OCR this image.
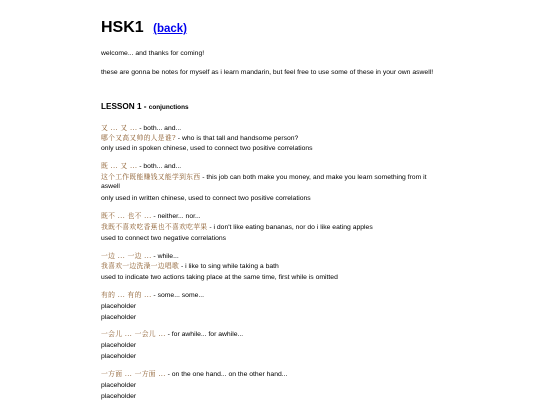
HSK1 (back)
welcome... and thanks for coming!
these are gonna be notes for myself as i learn mandarin, but feel free to use some of these in your own aswell!
LESSON 1 - conjunctions
又 ... 又 ... - both... and...
哪个又高又帅的人是谁? - who is that tall and handsome person?
only used in spoken chinese, used to connect two positive correlations
既 ... 又 ... - both... and...
这个工作既能赚钱又能学到东西 - this job can both make you money, and make you learn something from it aswell
only used in written chinese, used to connect two positive correlations
既不 ... 也不 ... - neither... nor...
我既不喜欢吃香蕉也不喜欢吃苹果 - i don't like eating bananas, nor do i like eating apples
used to connect two negative correlations
一边 ... 一边 ... - while...
我喜欢一边洗澡一边唱歌 - i like to sing while taking a bath
used to indicate two actions taking place at the same time, first while is omitted
有的 ... 有的 ... - some... some...
placeholder
placeholder
一会儿 ... 一会儿 ... - for awhile... for awhile...
placeholder
placeholder
一方面 ... 一方面 ... - on the one hand... on the other hand...
placeholder
placeholder
